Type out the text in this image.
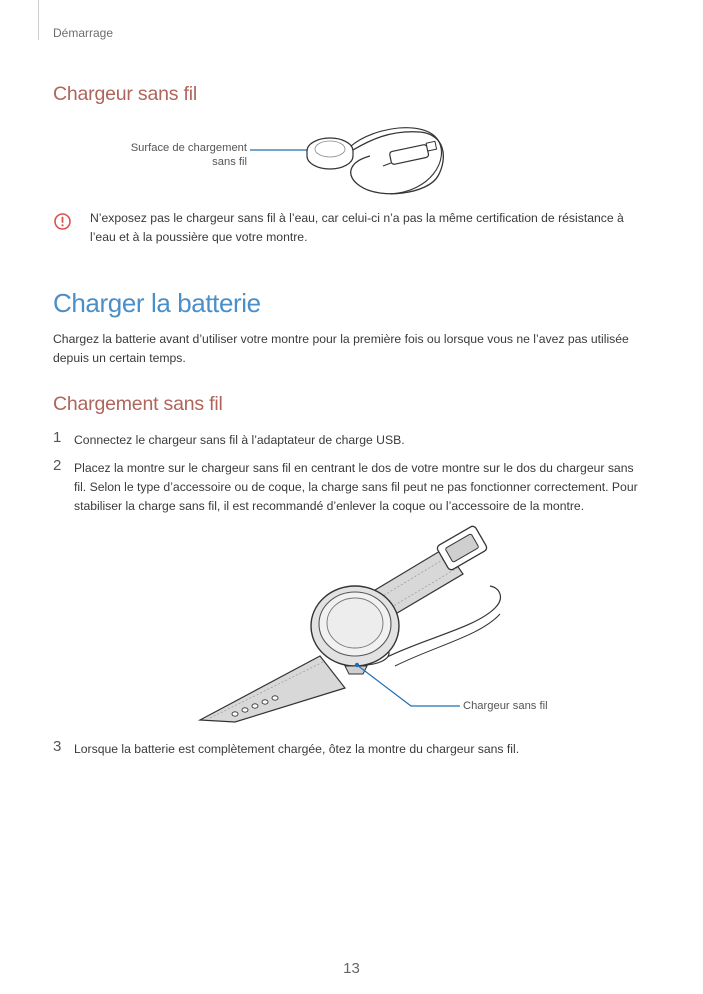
Démarrage
Chargeur sans fil
Surface de chargement
sans fil
N’exposez pas le chargeur sans fil à l’eau, car celui-ci n’a pas la même certification de résistance à
l’eau et à la poussière que votre montre.
Charger la batterie
Chargez la batterie avant d’utiliser votre montre pour la première fois ou lorsque vous ne l’avez pas utilisée
depuis un certain temps.
Chargement sans fil
1 Connectez le chargeur sans fil à l’adaptateur de charge USB.
2 Placez la montre sur le chargeur sans fil en centrant le dos de votre montre sur le dos du chargeur sans
fil. Selon le type d’accessoire ou de coque, la charge sans fil peut ne pas fonctionner correctement. Pour
stabiliser la charge sans fil, il est recommandé d’enlever la coque ou l’accessoire de la montre.
Chargeur sans fil
3 Lorsque la batterie est complètement chargée, ôtez la montre du chargeur sans fil.
13
